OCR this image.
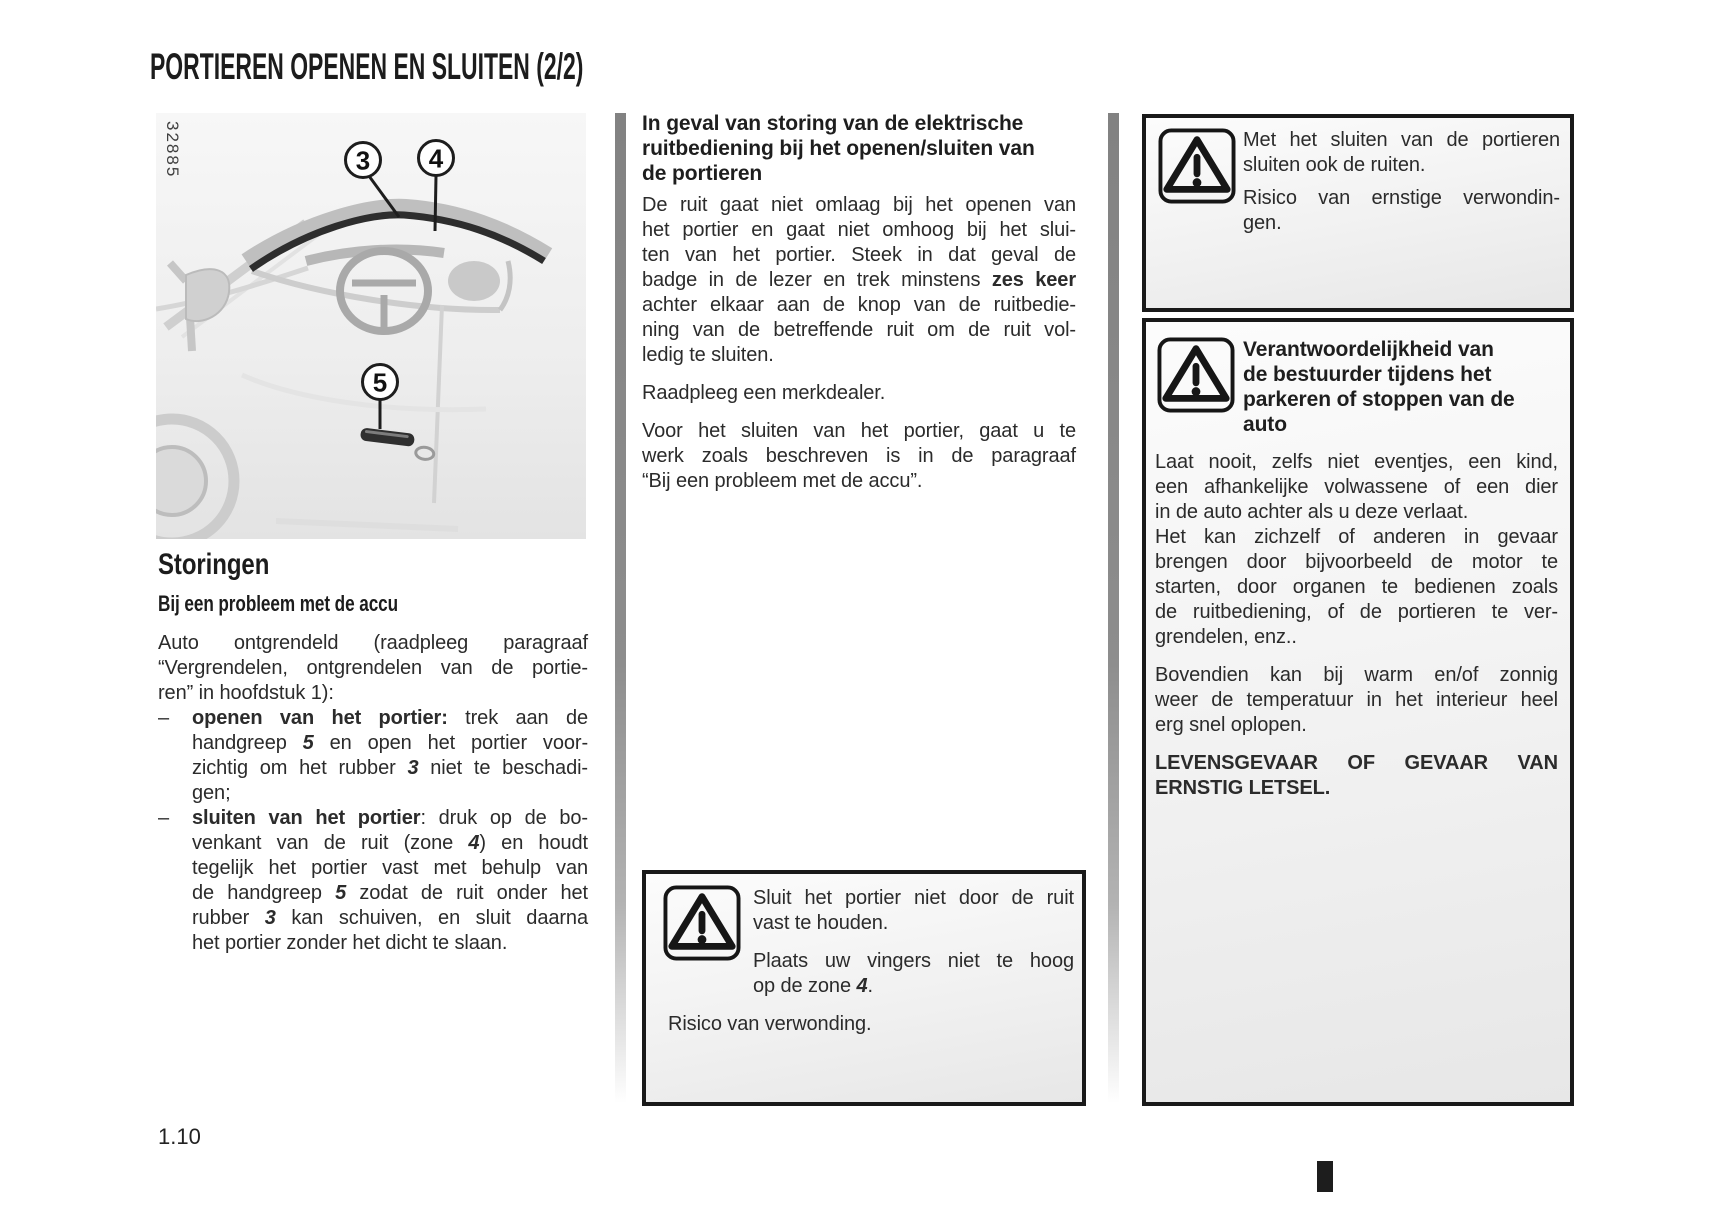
PORTIEREN OPENEN EN SLUITEN (2/2)
3 4
5
32885
Storingen
Bij een probleem met de accu
Auto ontgrendeld (raadpleeg paragraaf
“Vergrendelen, ontgrendelen van de portie-
ren” in hoofdstuk 1):
–	openen van het portier: trek aan de
handgreep 5 en open het portier voor-
zichtig om het rubber 3 niet te beschadi-
gen;
–	sluiten van het portier: druk op de bo-
venkant van de ruit (zone 4) en houdt
tegelijk het portier vast met behulp van
de handgreep 5 zodat de ruit onder het
rubber 3 kan schuiven, en sluit daarna
het portier zonder het dicht te slaan.
In geval van storing van de elektrische
ruitbediening bij het openen/sluiten van
de portieren
De ruit gaat niet omlaag bij het openen van
het portier en gaat niet omhoog bij het slui-
ten van het portier. Steek in dat geval de
badge in de lezer en trek minstens zes keer
achter elkaar aan de knop van de ruitbedie-
ning van de betreffende ruit om de ruit vol-
ledig te sluiten.
Raadpleeg een merkdealer.
Voor het sluiten van het portier, gaat u te
werk zoals beschreven is in de paragraaf
“Bij een probleem met de accu”.
Sluit het portier niet door de ruit
vast te houden.
Plaats uw vingers niet te hoog
op de zone 4.
Risico van verwonding.
Met het sluiten van de portieren
sluiten ook de ruiten.
Risico van ernstige verwondin-
gen.
Verantwoordelijkheid van
de bestuurder tijdens het
parkeren of stoppen van de
auto
Laat nooit, zelfs niet eventjes, een kind,
een afhankelijke volwassene of een dier
in de auto achter als u deze verlaat.
Het kan zichzelf of anderen in gevaar
brengen door bijvoorbeeld de motor te
starten, door organen te bedienen zoals
de ruitbediening, of de portieren te ver-
grendelen, enz..
Bovendien kan bij warm en/of zonnig
weer de temperatuur in het interieur heel
erg snel oplopen.
LEVENSGEVAAR OF GEVAAR VAN
ERNSTIG LETSEL.
1.10
